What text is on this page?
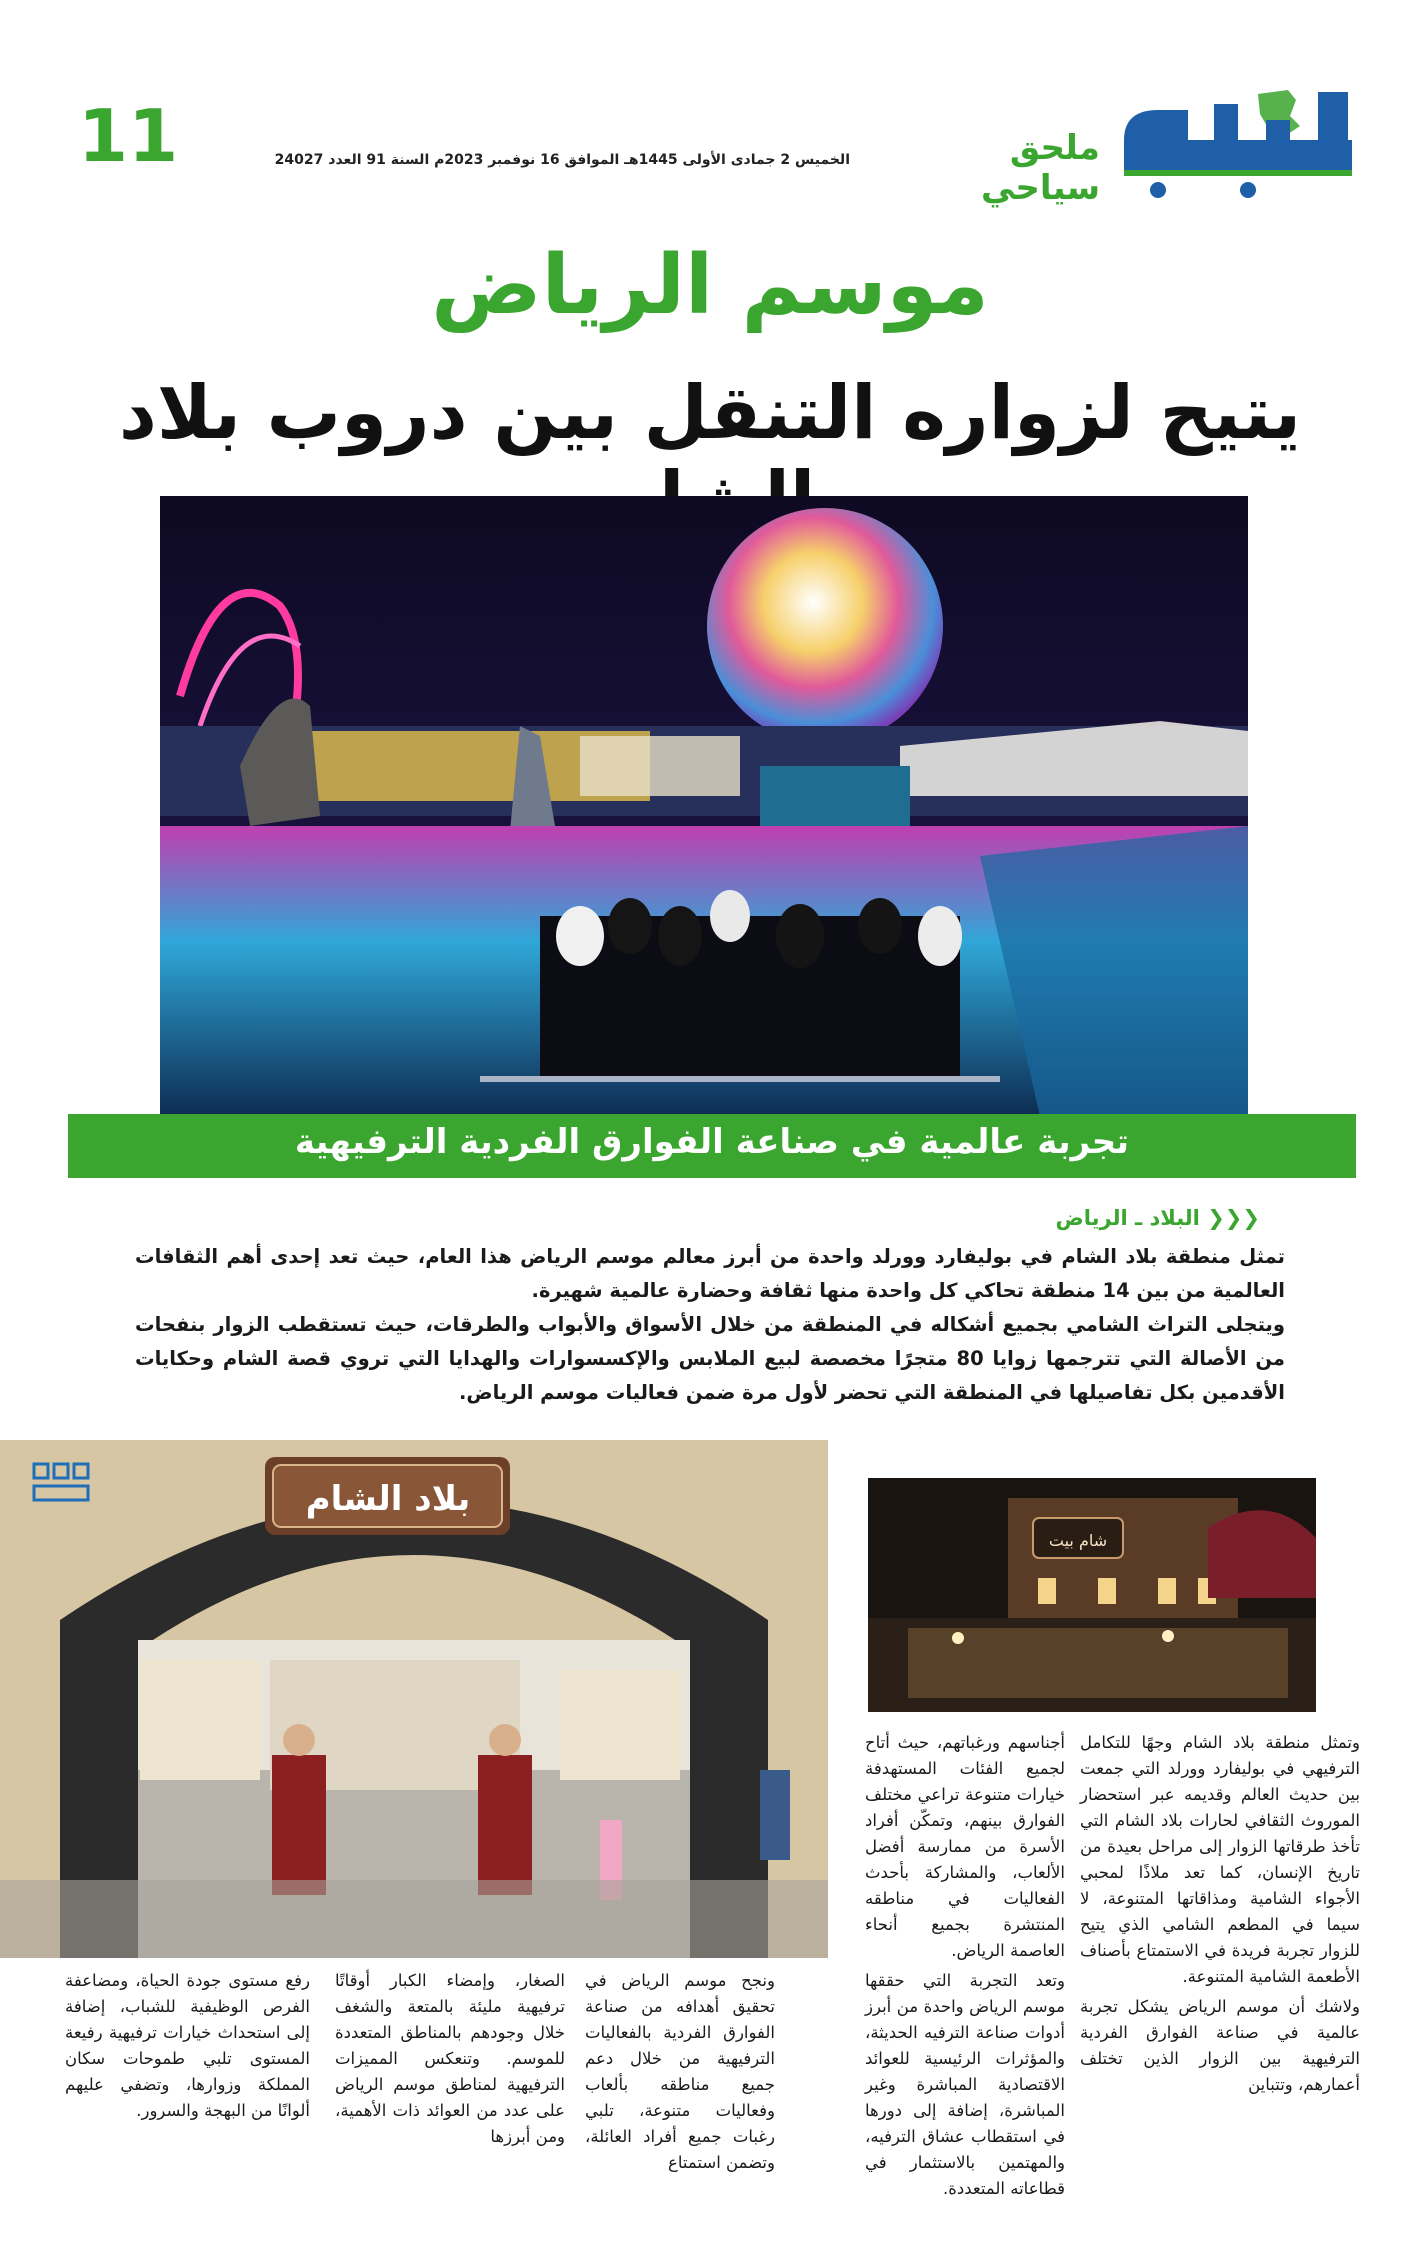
11	الخميس 2 جمادى الأولى 1445هـ الموافق 16 نوفمبر 2023م السنة 91 العدد 24027	ملحق سياحي
موسم الرياض
يتيح لزواره التنقل بين دروب بلاد
تجربة عالمية في صناعة الفوارق الفردية الترفيهية
❮❮❮ البلاد ـ الرياض

تمثل منطقة بلاد الشام في بوليفارد وورلد واحدة من أبرز معالم موسم الرياض هذا العام، حيث تعد إحدى أهم الثقافات العالمية من بين 14 منطقة تحاكي كل واحدة منها ثقافة وحضارة عالمية شهيرة.

ويتجلى التراث الشامي بجميع أشكاله في المنطقة من خلال الأسواق والأبواب والطرقات، حيث تستقطب الزوار بنفحات من الأصالة التي تترجمها زوايا 80 متجرًا مخصصة لبيع الملابس والإكسسوارات والهدايا التي تروي قصة الشام وحكايات الأقدمين بكل تفاصيلها في المنطقة التي تحضر لأول مرة ضمن فعاليات موسم الرياض.

بلاد الشام
شام بيت

وتمثل منطقة بلاد الشام وجهًا للتكامل الترفيهي في بوليفارد وورلد التي جمعت بين حديث العالم وقديمه عبر استحضار الموروث الثقافي لحارات بلاد الشام التي تأخذ طرقاتها الزوار إلى مراحل بعيدة من تاريخ الإنسان، كما تعد ملاذًا لمحبي الأجواء الشامية ومذاقاتها المتنوعة، لا سيما في المطعم الشامي الذي يتيح للزوار تجربة فريدة في الاستمتاع بأصناف الأطعمة الشامية المتنوعة.

ولاشك أن موسم الرياض يشكل تجربة عالمية في صناعة الفوارق الفردية الترفيهية بين الزوار الذين تختلف أعمارهم، وتتباين

أجناسهم ورغباتهم، حيث أتاح لجميع الفئات المستهدفة خيارات متنوعة تراعي مختلف الفوارق بينهم، وتمكّن أفراد الأسرة من ممارسة أفضل الألعاب، والمشاركة بأحدث الفعاليات في مناطقه المنتشرة بجميع أنحاء العاصمة الرياض.

وتعد التجربة التي حققها موسم الرياض واحدة من أبرز أدوات صناعة الترفيه الحديثة، والمؤثرات الرئيسية للعوائد الاقتصادية المباشرة وغير المباشرة، إضافة إلى دورها في استقطاب عشاق الترفيه، والمهتمين بالاستثمار في قطاعاته المتعددة.

ونجح موسم الرياض في تحقيق أهدافه من صناعة الفوارق الفردية بالفعاليات الترفيهية من خلال دعم جميع مناطقه بألعاب وفعاليات متنوعة، تلبي رغبات جميع أفراد العائلة، وتضمن استمتاع

الصغار، وإمضاء الكبار أوقاتًا ترفيهية مليئة بالمتعة والشغف خلال وجودهم بالمناطق المتعددة للموسم. وتنعكس المميزات الترفيهية لمناطق موسم الرياض على عدد من العوائد ذات الأهمية، ومن أبرزها

رفع مستوى جودة الحياة، ومضاعفة الفرص الوظيفية للشباب، إضافة إلى استحداث خيارات ترفيهية رفيعة المستوى تلبي طموحات سكان المملكة وزوارها، وتضفي عليهم ألوانًا من البهجة والسرور.
